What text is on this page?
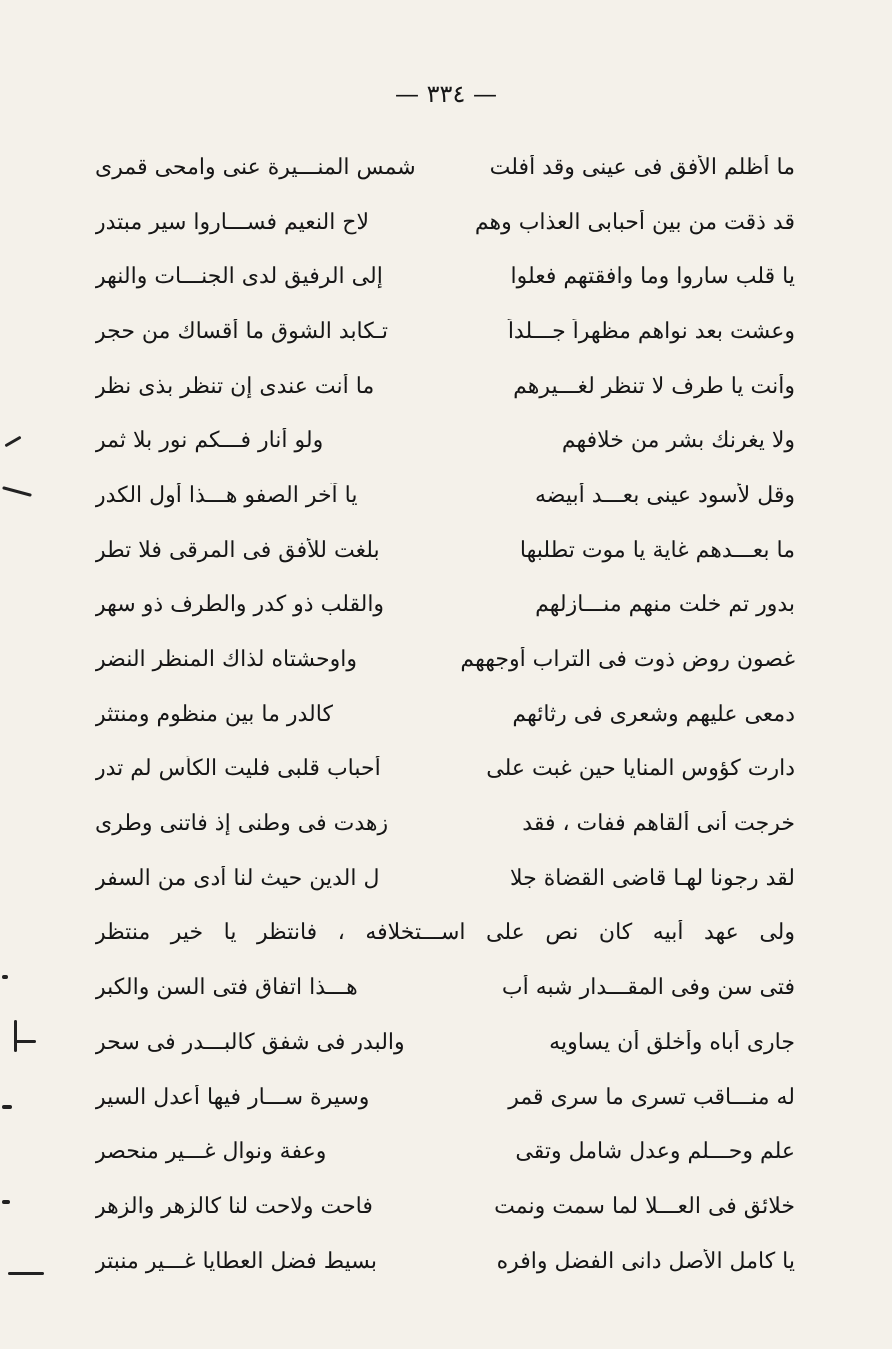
— ٣٣٤ —
ما أظلم الأفق فى عينى وقد أفلت
شمس المنـــيرة عنى وامحى قمرى
قد ذقت من بين أحبابى العذاب وهم
لاح النعيم فســـاروا سير مبتدر
يا قلب ساروا وما وافقتهم فعلوا
إلى الرفيق لدى الجنـــات والنهر
وعشت بعد نواهم مظهراً جـــلداً
تـكابد الشوق ما أقساك من حجر
وأنت يا طرف لا تنظر لغـــيرهم
ما أنت عندى إن تنظر بذى نظر
ولا يغرنك بشر من خلافهم
ولو أنار فـــكم نور بلا ثمر
وقل لأسود عينى بعـــد أبيضه
يا آخر الصفو هـــذا أول الكدر
ما بعـــدهم غاية يا موت تطلبها
بلغت للأفق فى المرقى فلا تطر
بدور تم خلت منهم منـــازلهم
والقلب ذو كدر والطرف ذو سهر
غصون روض ذوت فى التراب أوجههم
واوحشتاه لذاك المنظر النضر
دمعى عليهم وشعرى فى رثائهم
كالدر ما بين منظوم ومنتثر
دارت كؤوس المنايا حين غبت على
أحباب قلبى فليت الكأس لم تدر
خرجت أنى ألقاهم ففات ، فقد
زهدت فى وطنى إذ فاتنى وطرى
لقد رجونا لهـا قاضى القضاة جلا
ل الدين حيث لنا أدى من السفر
ولى عهد أبيه كان نص على اســـتخلافه ، فانتظر يا خير منتظر
فتى سن وفى المقـــدار شبه أب
هـــذا اتفاق فتى السن والكبر
جارى أباه وأخلق أن يساويه
والبدر فى شفق كالبـــدر فى سحر
له منـــاقب تسرى ما سرى قمر
وسيرة ســـار فيها أعدل السير
علم وحـــلم وعدل شامل وتقى
وعفة ونوال غـــير منحصر
خلائق فى العـــلا لما سمت ونمت
فاحت ولاحت لنا كالزهر والزهر
يا كامل الأصل دانى الفضل وافره
بسيط فضل العطايا غـــير منبتر
